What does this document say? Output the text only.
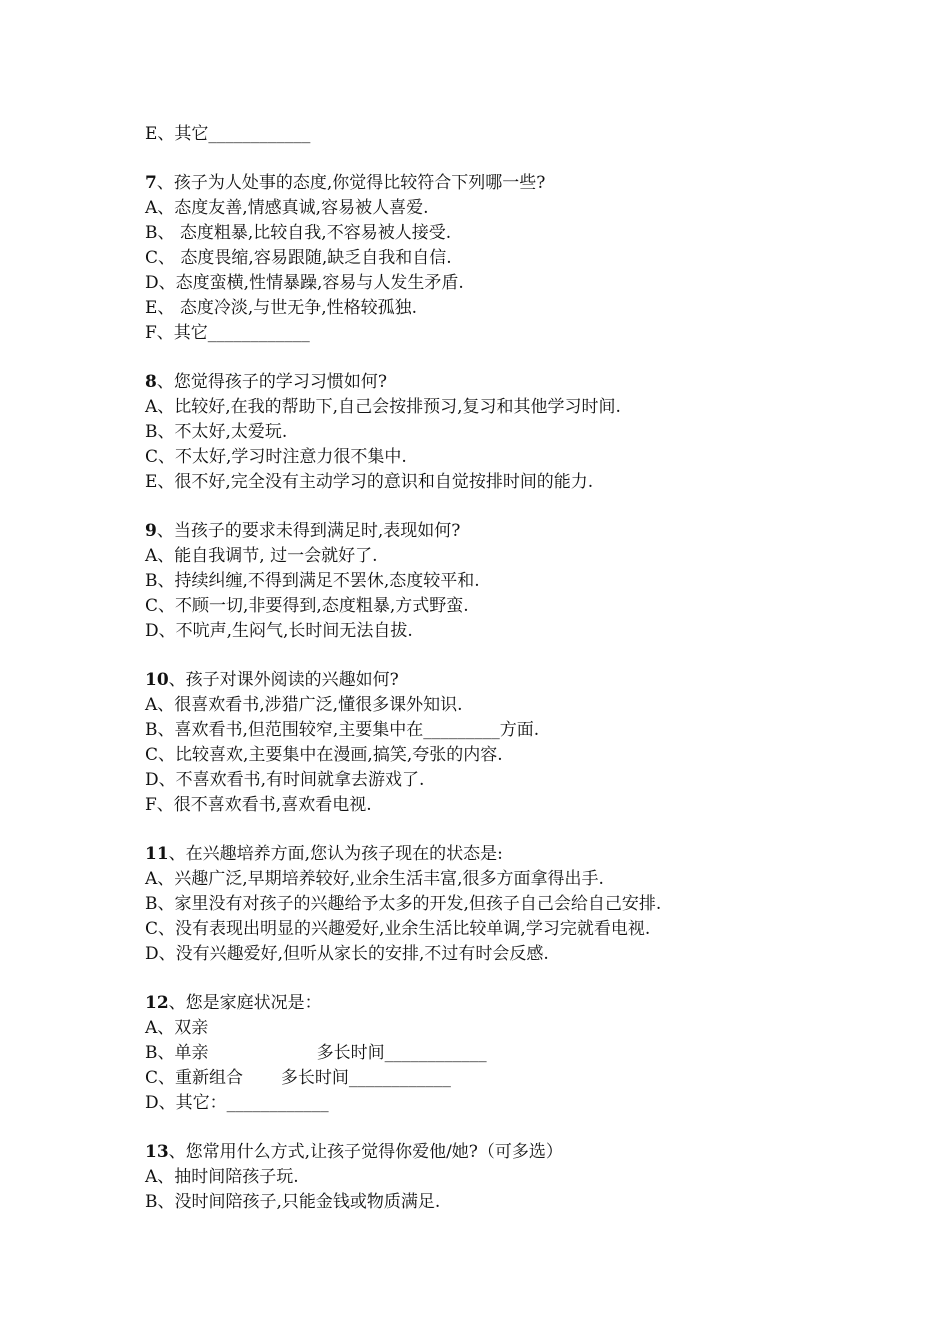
E、其它____________
7、孩子为人处事的态度,你觉得比较符合下列哪一些?
A、态度友善,情感真诚,容易被人喜爱.
B、 态度粗暴,比较自我,不容易被人接受.
C、 态度畏缩,容易跟随,缺乏自我和自信.
D、态度蛮横,性情暴躁,容易与人发生矛盾.
E、 态度冷淡,与世无争,性格较孤独.
F、其它____________
8、您觉得孩子的学习习惯如何?
A、比较好,在我的帮助下,自己会按排预习,复习和其他学习时间.
B、不太好,太爱玩.
C、不太好,学习时注意力很不集中.
E、很不好,完全没有主动学习的意识和自觉按排时间的能力.
9、当孩子的要求未得到满足时,表现如何?
A、能自我调节, 过一会就好了.
B、持续纠缠,不得到满足不罢休,态度较平和.
C、不顾一切,非要得到,态度粗暴,方式野蛮.
D、不吭声,生闷气,长时间无法自拔.
10、孩子对课外阅读的兴趣如何?
A、很喜欢看书,涉猎广泛,懂很多课外知识.
B、喜欢看书,但范围较窄,主要集中在_________方面.
C、比较喜欢,主要集中在漫画,搞笑,夸张的内容.
D、不喜欢看书,有时间就拿去游戏了.
F、很不喜欢看书,喜欢看电视.
11、在兴趣培养方面,您认为孩子现在的状态是:
A、兴趣广泛,早期培养较好,业余生活丰富,很多方面拿得出手.
B、家里没有对孩子的兴趣给予太多的开发,但孩子自己会给自己安排.
C、没有表现出明显的兴趣爱好,业余生活比较单调,学习完就看电视.
D、没有兴趣爱好,但听从家长的安排,不过有时会反感.
12、您是家庭状况是：
A、双亲
B、单亲                    多长时间____________
C、重新组合       多长时间____________
D、其它：____________
13、您常用什么方式,让孩子觉得你爱他/她?（可多选）
A、抽时间陪孩子玩.
B、没时间陪孩子,只能金钱或物质满足.
